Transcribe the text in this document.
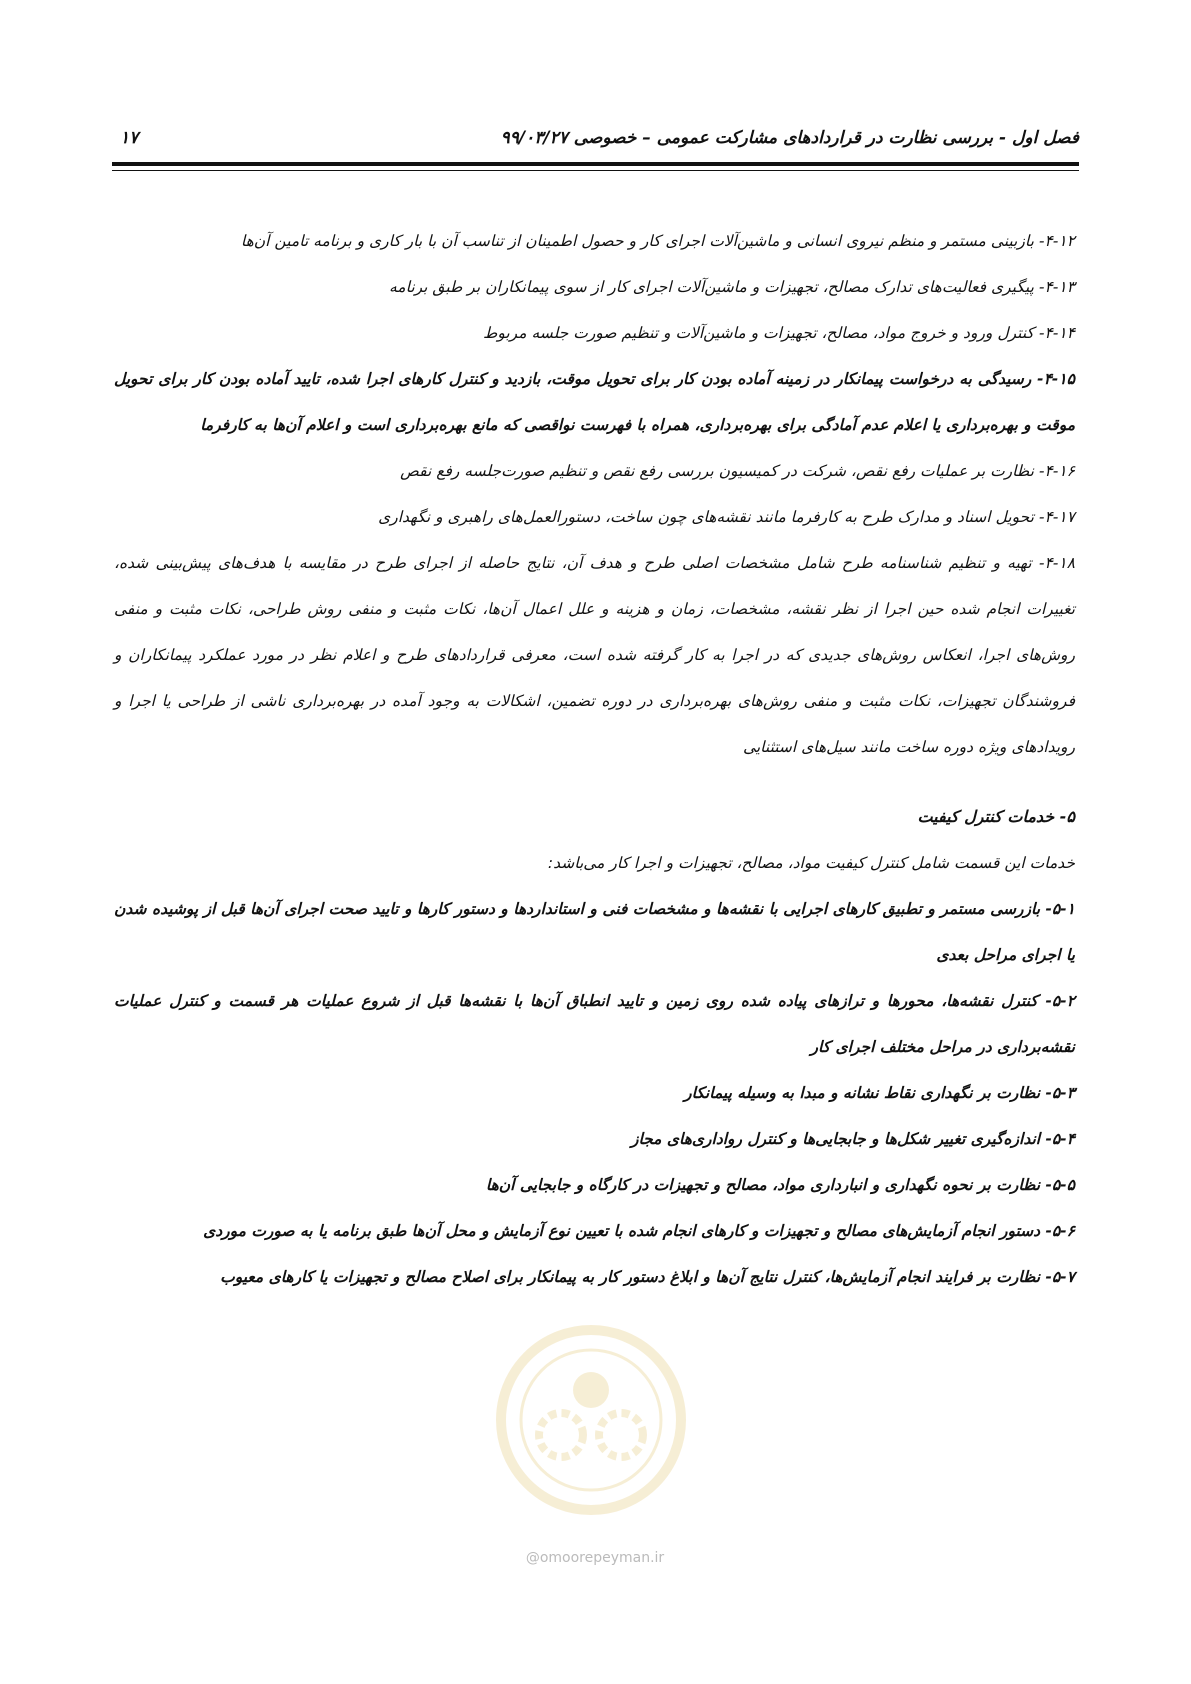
فصل اول - بررسی نظارت در قراردادهای مشارکت عمومی – خصوصی ۹۹/۰۳/۲۷
۱۷

۴-۱۲- بازبینی مستمر و منظم نیروی انسانی و ماشین‌آلات اجرای کار و حصول اطمینان از تناسب آن با بار کاری و برنامه تامین آن‌ها

۴-۱۳- پیگیری فعالیت‌های تدارک مصالح، تجهیزات و ماشین‌آلات اجرای کار از سوی پیمانکاران بر طبق برنامه

۴-۱۴- کنترل ورود و خروج مواد، مصالح، تجهیزات و ماشین‌آلات و تنظیم صورت جلسه مربوط

۴-۱۵- رسیدگی به درخواست پیمانکار در زمینه آماده بودن کار برای تحویل موقت، بازدید و کنترل کارهای اجرا شده، تایید آماده بودن کار برای تحویل موقت و بهره‌برداری یا اعلام عدم آمادگی برای بهره‌برداری، همراه با فهرست نواقصی که مانع بهره‌برداری است و اعلام آن‌ها به کارفرما

۴-۱۶- نظارت بر عملیات رفع نقص، شرکت در کمیسیون بررسی رفع نقص و تنظیم صورت‌جلسه رفع نقص

۴-۱۷- تحویل اسناد و مدارک طرح به کارفرما مانند نقشه‌های چون ساخت، دستورالعمل‌های راهبری و نگهداری

۴-۱۸- تهیه و تنظیم شناسنامه طرح شامل مشخصات اصلی طرح و هدف آن، نتایج حاصله از اجرای طرح در مقایسه با هدف‌های پیش‌بینی شده، تغییرات انجام شده حین اجرا از نظر نقشه، مشخصات، زمان و هزینه و علل اعمال آن‌ها، نکات مثبت و منفی روش طراحی، نکات مثبت و منفی روش‌های اجرا، انعکاس روش‌های جدیدی که در اجرا به کار گرفته شده است، معرفی قراردادهای طرح و اعلام نظر در مورد عملکرد پیمانکاران و فروشندگان تجهیزات، نکات مثبت و منفی روش‌های بهره‌برداری در دوره تضمین، اشکالات به وجود آمده در بهره‌برداری ناشی از طراحی یا اجرا و رویدادهای ویژه دوره ساخت مانند سیل‌های استثنایی

۵- خدمات کنترل کیفیت

خدمات این قسمت شامل کنترل کیفیت مواد، مصالح، تجهیزات و اجرا کار می‌باشد:

۵-۱- بازرسی مستمر و تطبیق کارهای اجرایی با نقشه‌ها و مشخصات فنی و استانداردها و دستور کارها و تایید صحت اجرای آن‌ها قبل از پوشیده شدن یا اجرای مراحل بعدی

۵-۲- کنترل نقشه‌ها، محورها و ترازهای پیاده شده روی زمین و تایید انطباق آن‌ها با نقشه‌ها قبل از شروع عملیات هر قسمت و کنترل عملیات نقشه‌برداری در مراحل مختلف اجرای کار

۵-۳- نظارت بر نگهداری نقاط نشانه و مبدا به وسیله پیمانکار

۵-۴- اندازه‌گیری تغییر شکل‌ها و جابجایی‌ها و کنترل رواداری‌های مجاز

۵-۵- نظارت بر نحوه نگهداری و انبارداری مواد، مصالح و تجهیزات در کارگاه و جابجایی آن‌ها

۵-۶- دستور انجام آزمایش‌های مصالح و تجهیزات و کارهای انجام شده با تعیین نوع آزمایش و محل آن‌ها طبق برنامه یا به صورت موردی

۵-۷- نظارت بر فرایند انجام آزمایش‌ها، کنترل نتایج آن‌ها و ابلاغ دستور کار به پیمانکار برای اصلاح مصالح و تجهیزات یا کارهای معیوب

@omoorepeyman.ir
